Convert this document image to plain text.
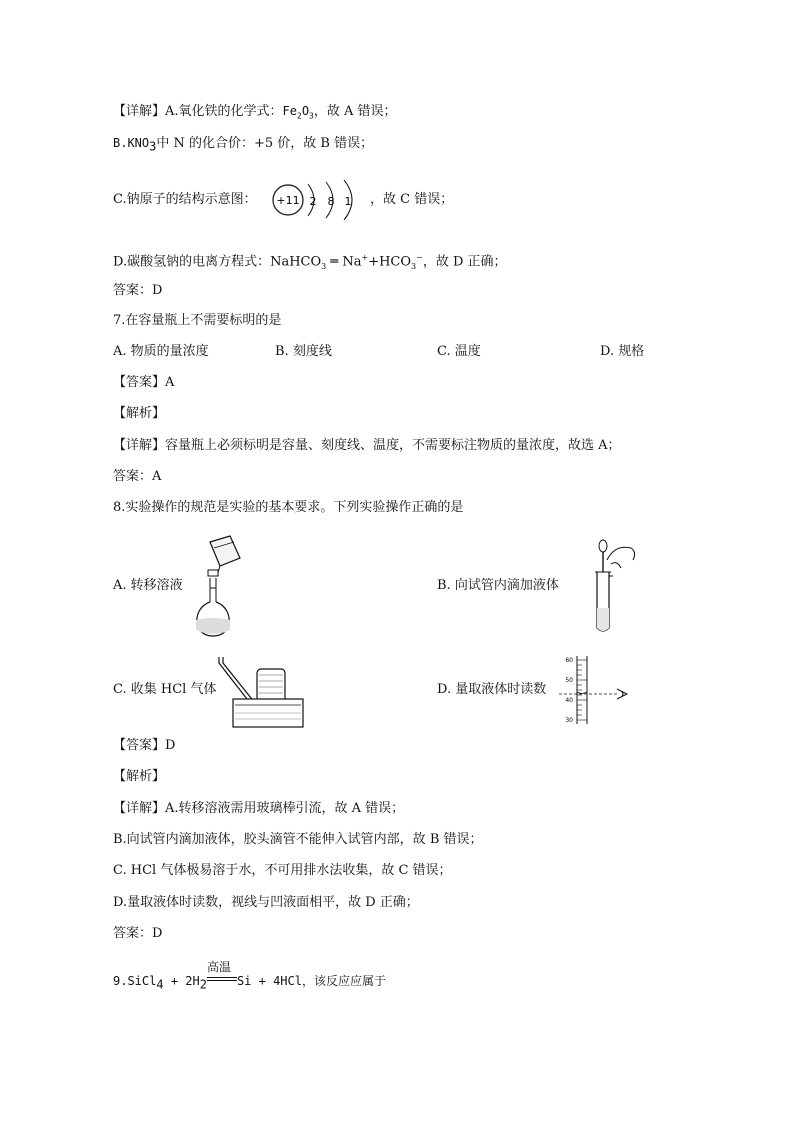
【详解】A.氧化铁的化学式：$Fe_2O_3$，故 A 错误；
$B.KNO_3$中 N 的化合价：+5 价，故 B 错误；
C.钠原子的结构示意图： +11 2 8 1 ，故 C 错误；
D.碳酸氢钠的电离方程式：NaHCO$_3$ ═ $Na^++HCO_3^-$，故 D 正确；
答案：D
7.在容量瓶上不需要标明的是
A. 物质的量浓度	B. 刻度线	C. 温度	D. 规格
【答案】A
【解析】
【详解】容量瓶上必须标明是容量、刻度线、温度，不需要标注物质的量浓度，故选 A；
答案：A
8.实验操作的规范是实验的基本要求。下列实验操作正确的是
A. 转移溶液	B. 向试管内滴加液体
C. 收集 HCl 气体	D. 量取液体时读数
60
50
40
30
【答案】D
【解析】
【详解】A.转移溶液需用玻璃棒引流，故 A 错误；
B.向试管内滴加液体，胶头滴管不能伸入试管内部，故 B 错误；
C. HCl 气体极易溶于水，不可用排水法收集，故 C 错误；
D.量取液体时读数，视线与凹液面相平，故 D 正确；
答案：D
9.SiCl$_4$ + $2H_2$
高温
Si + 4HCl，该反应应属于
